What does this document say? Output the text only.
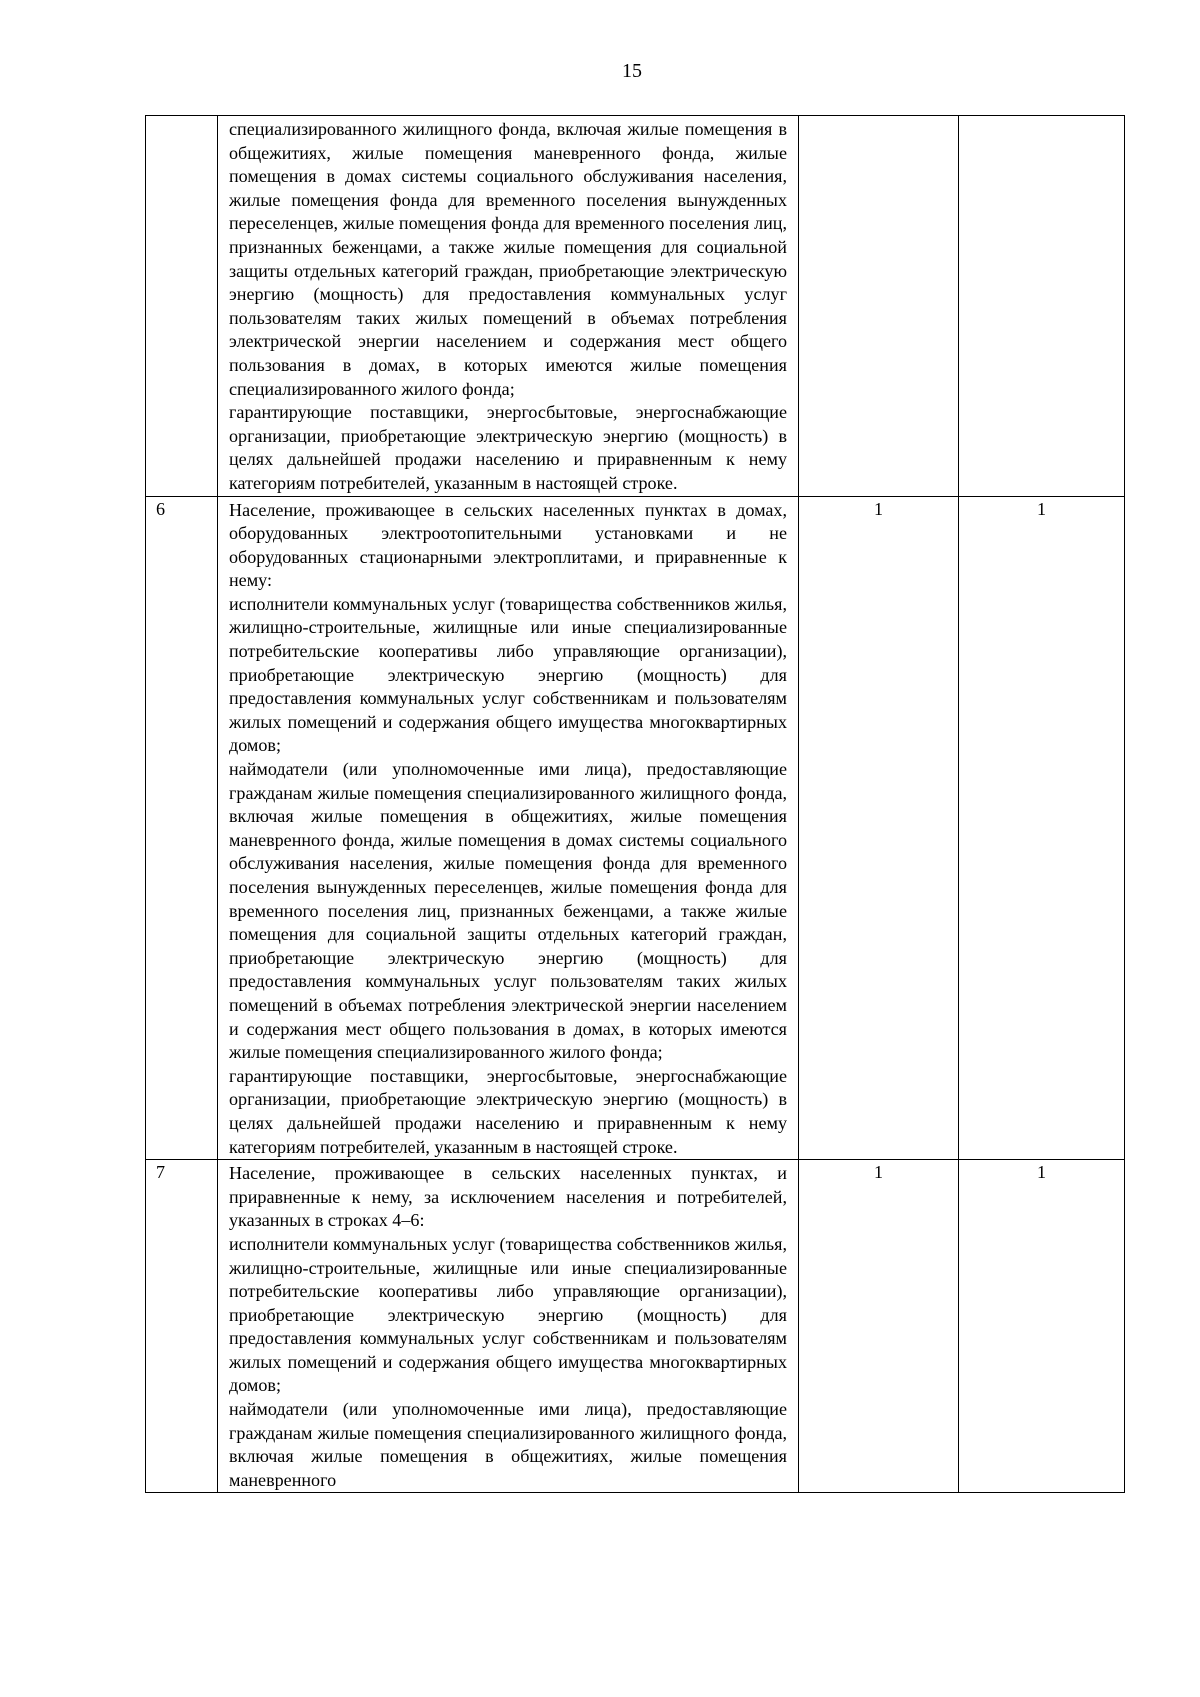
15

	специализированного жилищного фонда, включая жилые помещения в общежитиях, жилые помещения маневренного фонда, жилые помещения в домах системы социального обслуживания населения, жилые помещения фонда для временного поселения вынужденных переселенцев, жилые помещения фонда для временного поселения лиц, признанных беженцами, а также жилые помещения для социальной защиты отдельных категорий граждан, приобретающие электрическую энергию (мощность) для предоставления коммунальных услуг пользователям таких жилых помещений в объемах потребления электрической энергии населением и содержания мест общего пользования в домах, в которых имеются жилые помещения специализированного жилого фонда;
гарантирующие поставщики, энергосбытовые, энергоснабжающие организации, приобретающие электрическую энергию (мощность) в целях дальнейшей продажи населению и приравненным к нему категориям потребителей, указанным в настоящей строке.		

6	Население, проживающее в сельских населенных пунктах в домах, оборудованных электроотопительными установками и не оборудованных стационарными электроплитами, и приравненные к нему:
исполнители коммунальных услуг (товарищества собственников жилья, жилищно-строительные, жилищные или иные специализированные потребительские кооперативы либо управляющие организации), приобретающие электрическую энергию (мощность) для предоставления коммунальных услуг собственникам и пользователям жилых помещений и содержания общего имущества многоквартирных домов;
наймодатели (или уполномоченные ими лица), предоставляющие гражданам жилые помещения специализированного жилищного фонда, включая жилые помещения в общежитиях, жилые помещения маневренного фонда, жилые помещения в домах системы социального обслуживания населения, жилые помещения фонда для временного поселения вынужденных переселенцев, жилые помещения фонда для временного поселения лиц, признанных беженцами, а также жилые помещения для социальной защиты отдельных категорий граждан, приобретающие электрическую энергию (мощность) для предоставления коммунальных услуг пользователям таких жилых помещений в объемах потребления электрической энергии населением и содержания мест общего пользования в домах, в которых имеются жилые помещения специализированного жилого фонда;
гарантирующие поставщики, энергосбытовые, энергоснабжающие организации, приобретающие электрическую энергию (мощность) в целях дальнейшей продажи населению и приравненным к нему категориям потребителей, указанным в настоящей строке.	1	1
7	Население, проживающее в сельских населенных пунктах, и приравненные к нему, за исключением населения и потребителей, указанных в строках 4–6:
исполнители коммунальных услуг (товарищества собственников жилья, жилищно-строительные, жилищные или иные специализированные потребительские кооперативы либо управляющие организации), приобретающие электрическую энергию (мощность) для предоставления коммунальных услуг собственникам и пользователям жилых помещений и содержания общего имущества многоквартирных домов;
наймодатели (или уполномоченные ими лица), предоставляющие гражданам жилые помещения специализированного жилищного фонда, включая жилые помещения в общежитиях, жилые помещения маневренного	1	1
